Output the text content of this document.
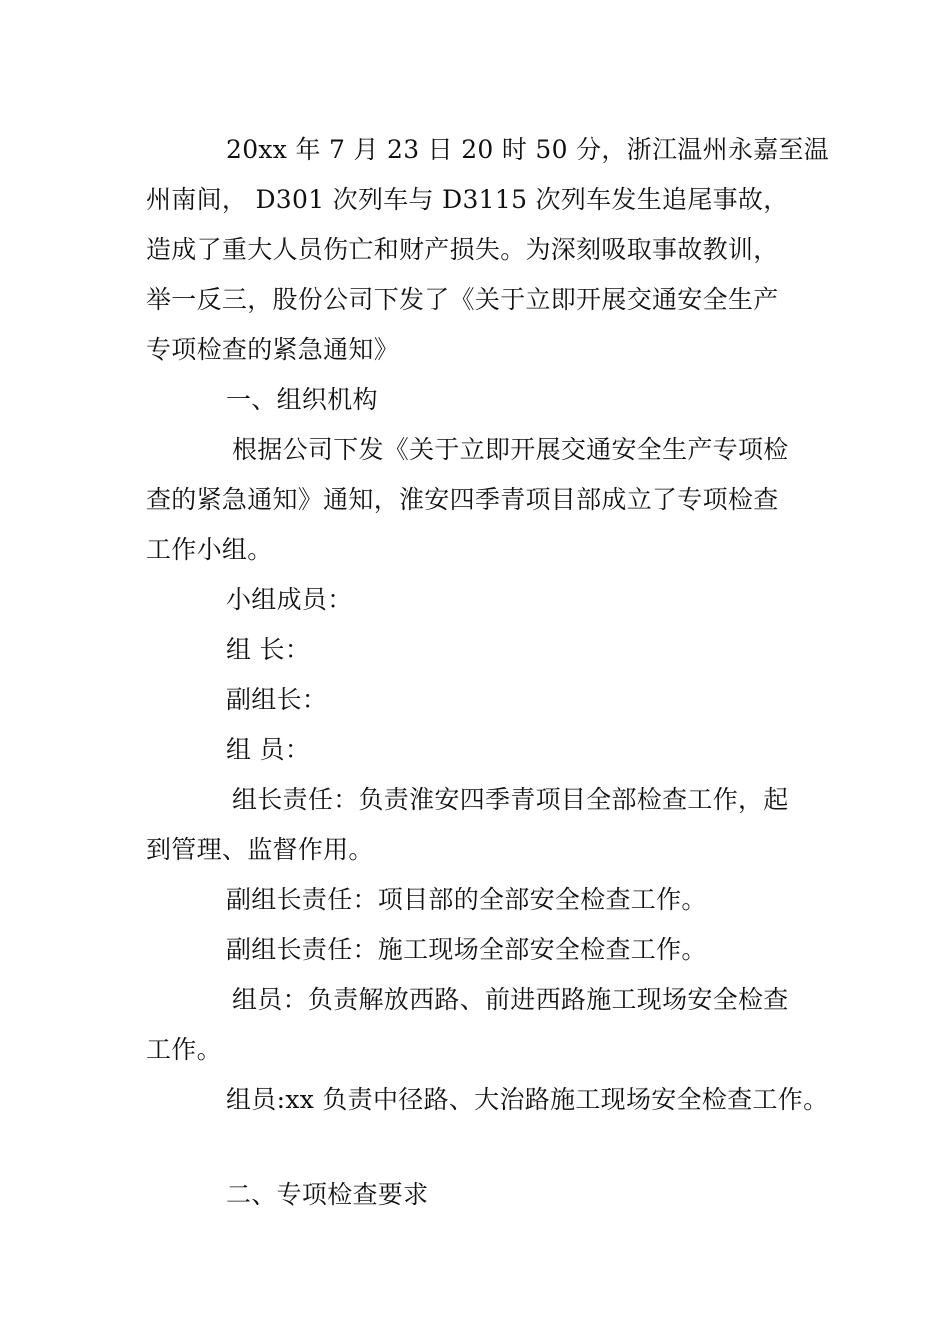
20xx 年 7 月 23 日 20 时 50 分，浙江温州永嘉至温
州南间， D301 次列车与 D3115 次列车发生追尾事故，
造成了重大人员伤亡和财产损失。为深刻吸取事故教训，
举一反三，股份公司下发了《关于立即开展交通安全生产
专项检查的紧急通知》
一、组织机构
根据公司下发《关于立即开展交通安全生产专项检
查的紧急通知》通知，淮安四季青项目部成立了专项检查
工作小组。
小组成员：
组 长：
副组长：
组 员：
组长责任：负责淮安四季青项目全部检查工作，起
到管理、监督作用。
副组长责任：项目部的全部安全检查工作。
副组长责任：施工现场全部安全检查工作。
组员：负责解放西路、前进西路施工现场安全检查
工作。
组员:xx 负责中径路、大治路施工现场安全检查工作。
二、专项检查要求
